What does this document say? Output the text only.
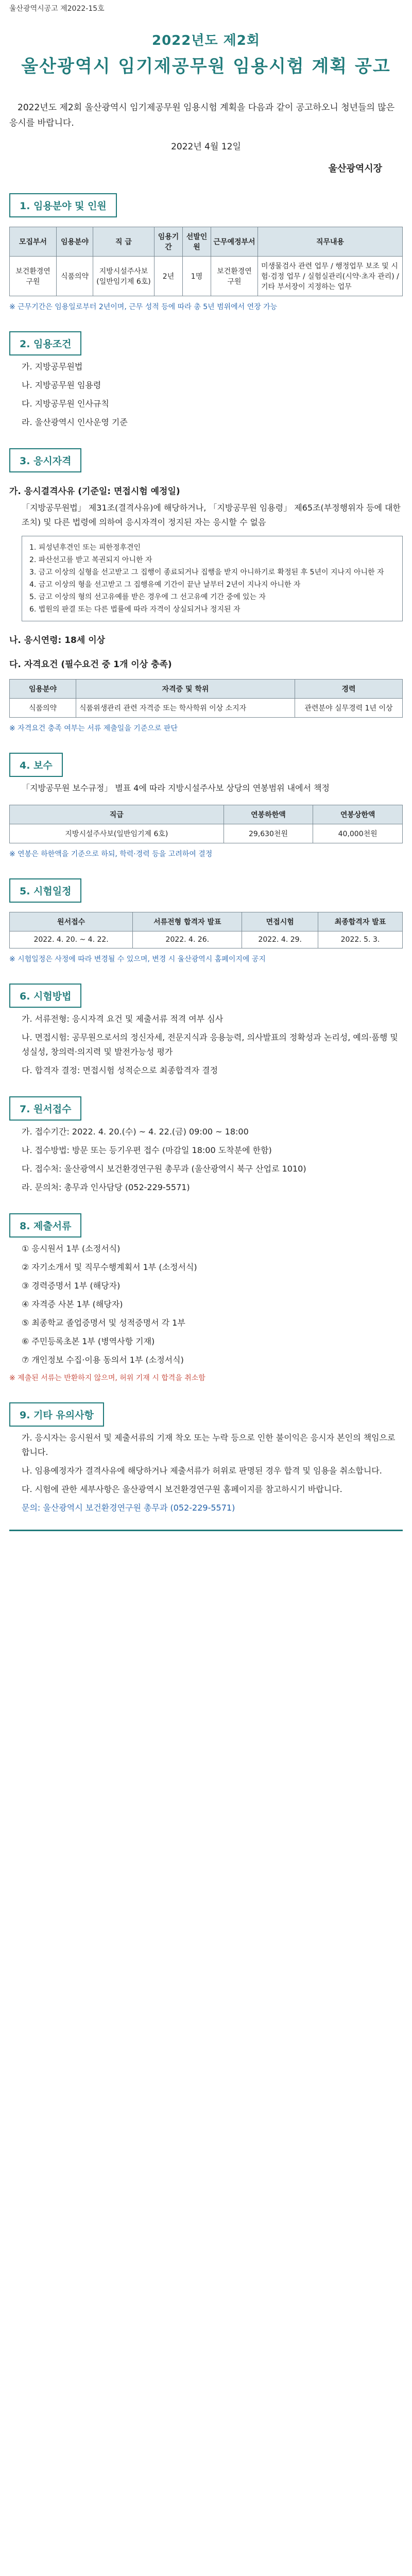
울산광역시공고 제2022-15호
2022년도 제2회
울산광역시 임기제공무원 임용시험 계획 공고
2022년도 제2회 울산광역시 임기제공무원 임용시험 계획을 다음과 같이 공고하오니 청년들의 많은 응시를 바랍니다.
2022년 4월 12일
울산광역시장
1. 임용분야 및 인원
모집부서	임용분야	직 급	임용기간	선발인원	근무예정부서	직무내용
보건환경연구원	식품의약	지방시설주사보(일반임기제 6호)	2년	1명	보건환경연구원	미생물검사 관련 업무 / 행정업무 보조 및 시험·검정 업무 / 실험실관리(시약·초자 관리) / 기타 부서장이 지정하는 업무
※ 근무기간은 임용일로부터 2년이며, 근무 성적 등에 따라 총 5년 범위에서 연장 가능
2. 임용조건
가. 지방공무원법
나. 지방공무원 임용령
다. 지방공무원 인사규칙
라. 울산광역시 인사운영 기준
3. 응시자격
가. 응시결격사유 (기준일: 면접시험 예정일)
「지방공무원법」 제31조(결격사유)에 해당하거나, 「지방공무원 임용령」 제65조(부정행위자 등에 대한 조치) 및 다른 법령에 의하여 응시자격이 정지된 자는 응시할 수 없음
1. 피성년후견인 또는 피한정후견인
2. 파산선고를 받고 복권되지 아니한 자
3. 금고 이상의 실형을 선고받고 그 집행이 종료되거나 집행을 받지 아니하기로 확정된 후 5년이 지나지 아니한 자
4. 금고 이상의 형을 선고받고 그 집행유예 기간이 끝난 날부터 2년이 지나지 아니한 자
5. 금고 이상의 형의 선고유예를 받은 경우에 그 선고유예 기간 중에 있는 자
6. 법원의 판결 또는 다른 법률에 따라 자격이 상실되거나 정지된 자
나. 응시연령: 18세 이상
다. 자격요건 (필수요건 중 1개 이상 충족)
임용분야	자격증 및 학위	경력
식품의약	식품위생관리 관련 자격증 또는 학사학위 이상 소지자	관련분야 실무경력 1년 이상
※ 자격요건 충족 여부는 서류 제출일을 기준으로 판단
4. 보수
「지방공무원 보수규정」 별표 4에 따라 지방시설주사보 상당의 연봉범위 내에서 책정
직급	연봉하한액	연봉상한액
지방시설주사보(일반임기제 6호)	29,630천원	40,000천원
※ 연봉은 하한액을 기준으로 하되, 학력·경력 등을 고려하여 결정
5. 시험일정
원서접수	서류전형 합격자 발표	면접시험	최종합격자 발표
2022. 4. 20. ~ 4. 22.	2022. 4. 26.	2022. 4. 29.	2022. 5. 3.
※ 시험일정은 사정에 따라 변경될 수 있으며, 변경 시 울산광역시 홈페이지에 공지
6. 시험방법
가. 서류전형: 응시자격 요건 및 제출서류 적격 여부 심사
나. 면접시험: 공무원으로서의 정신자세, 전문지식과 응용능력, 의사발표의 정확성과 논리성, 예의·품행 및 성실성, 창의력·의지력 및 발전가능성 평가
다. 합격자 결정: 면접시험 성적순으로 최종합격자 결정
7. 원서접수
가. 접수기간: 2022. 4. 20.(수) ~ 4. 22.(금) 09:00 ~ 18:00
나. 접수방법: 방문 또는 등기우편 접수 (마감일 18:00 도착분에 한함)
다. 접수처: 울산광역시 보건환경연구원 총무과 (울산광역시 북구 산업로 1010)
라. 문의처: 총무과 인사담당 (052-229-5571)
8. 제출서류
① 응시원서 1부 (소정서식)
② 자기소개서 및 직무수행계획서 1부 (소정서식)
③ 경력증명서 1부 (해당자)
④ 자격증 사본 1부 (해당자)
⑤ 최종학교 졸업증명서 및 성적증명서 각 1부
⑥ 주민등록초본 1부 (병역사항 기재)
⑦ 개인정보 수집·이용 동의서 1부 (소정서식)
※ 제출된 서류는 반환하지 않으며, 허위 기재 시 합격을 취소함
9. 기타 유의사항
가. 응시자는 응시원서 및 제출서류의 기재 착오 또는 누락 등으로 인한 불이익은 응시자 본인의 책임으로 합니다.
나. 임용예정자가 결격사유에 해당하거나 제출서류가 허위로 판명된 경우 합격 및 임용을 취소합니다.
다. 시험에 관한 세부사항은 울산광역시 보건환경연구원 홈페이지를 참고하시기 바랍니다.
문의: 울산광역시 보건환경연구원 총무과 (052-229-5571)
